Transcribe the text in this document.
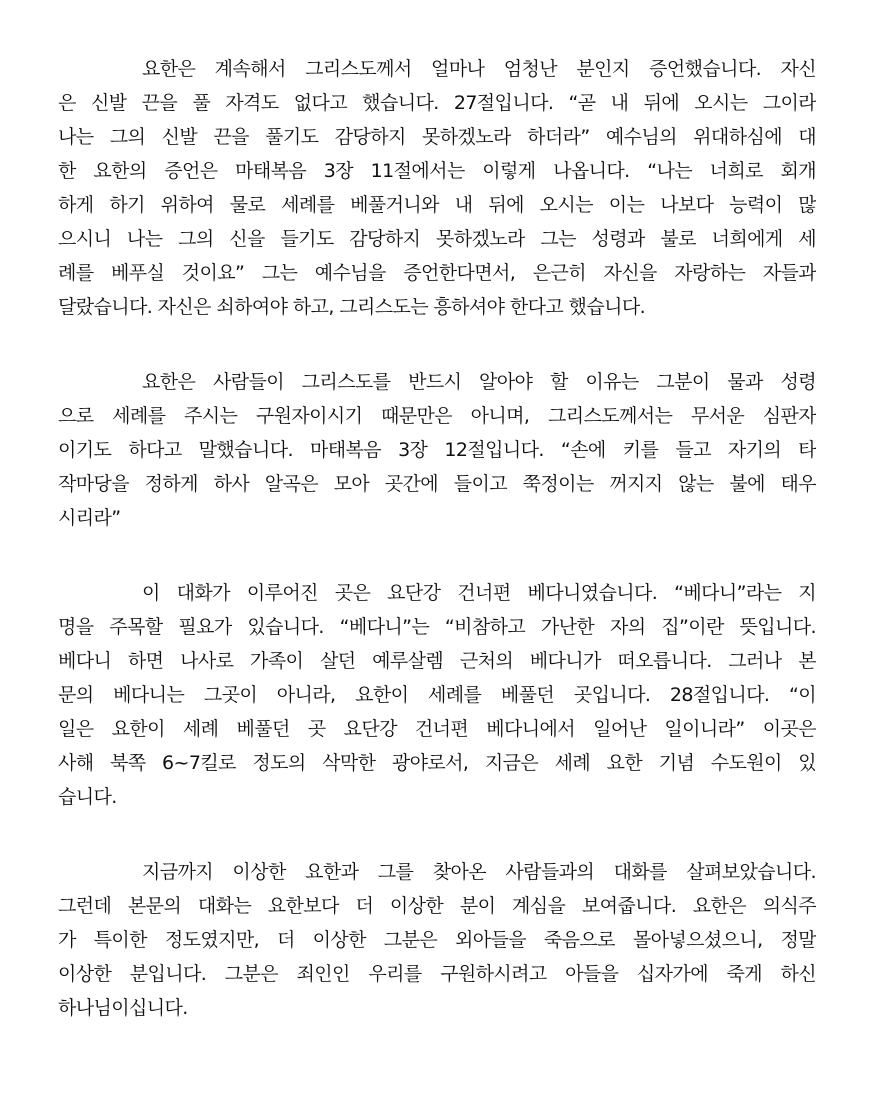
요한은 계속해서 그리스도께서 얼마나 엄청난 분인지 증언했습니다. 자신
은 신발 끈을 풀 자격도 없다고 했습니다. 27절입니다. “곧 내 뒤에 오시는 그이라
나는 그의 신발 끈을 풀기도 감당하지 못하겠노라 하더라” 예수님의 위대하심에 대
한 요한의 증언은 마태복음 3장 11절에서는 이렇게 나옵니다. “나는 너희로 회개
하게 하기 위하여 물로 세례를 베풀거니와 내 뒤에 오시는 이는 나보다 능력이 많
으시니 나는 그의 신을 들기도 감당하지 못하겠노라 그는 성령과 불로 너희에게 세
례를 베푸실 것이요” 그는 예수님을 증언한다면서, 은근히 자신을 자랑하는 자들과
달랐습니다. 자신은 쇠하여야 하고, 그리스도는 흥하셔야 한다고 했습니다.
요한은 사람들이 그리스도를 반드시 알아야 할 이유는 그분이 물과 성령
으로 세례를 주시는 구원자이시기 때문만은 아니며, 그리스도께서는 무서운 심판자
이기도 하다고 말했습니다. 마태복음 3장 12절입니다. “손에 키를 들고 자기의 타
작마당을 정하게 하사 알곡은 모아 곳간에 들이고 쭉정이는 꺼지지 않는 불에 태우
시리라”
이 대화가 이루어진 곳은 요단강 건너편 베다니였습니다. “베다니”라는 지
명을 주목할 필요가 있습니다. “베다니”는 “비참하고 가난한 자의 집”이란 뜻입니다.
베다니 하면 나사로 가족이 살던 예루살렘 근처의 베다니가 떠오릅니다. 그러나 본
문의 베다니는 그곳이 아니라, 요한이 세례를 베풀던 곳입니다. 28절입니다. “이
일은 요한이 세례 베풀던 곳 요단강 건너편 베다니에서 일어난 일이니라” 이곳은
사해 북쪽 6~7킬로 정도의 삭막한 광야로서, 지금은 세례 요한 기념 수도원이 있
습니다.
지금까지 이상한 요한과 그를 찾아온 사람들과의 대화를 살펴보았습니다.
그런데 본문의 대화는 요한보다 더 이상한 분이 계심을 보여줍니다. 요한은 의식주
가 특이한 정도였지만, 더 이상한 그분은 외아들을 죽음으로 몰아넣으셨으니, 정말
이상한 분입니다. 그분은 죄인인 우리를 구원하시려고 아들을 십자가에 죽게 하신
하나님이십니다.
